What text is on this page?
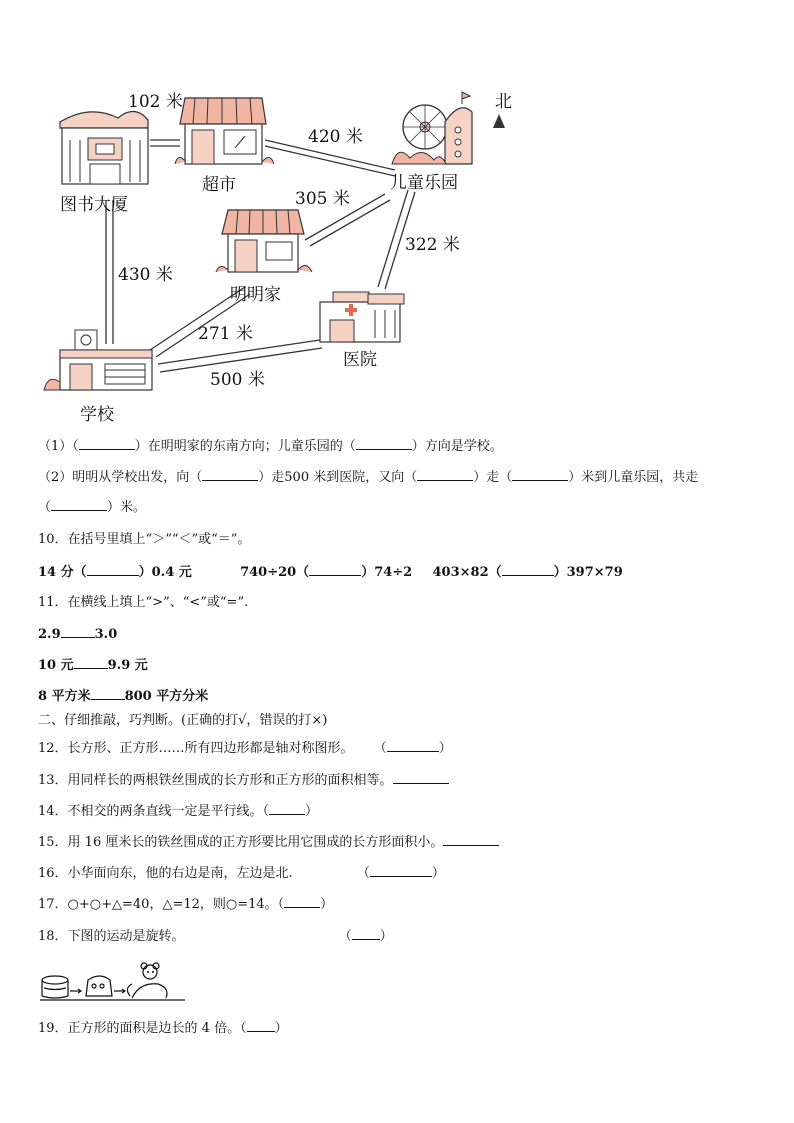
102 米
420 米
北
图书大厦
超市	儿童乐园
305 米
322 米
430 米
明明家
271 米
医院
500 米
学校
（1）（	）在明明家的东南方向；儿童乐园的（	）方向是学校。
（2）明明从学校出发，向（	）走500 米到医院，又向（	）走（	）米到儿童乐园，共走
（	）米。
10．在括号里填上“＞”“＜”或“＝”。
14 分（	）0.4 元	740÷20（	）74÷2 403×82（	）397×79
11．在横线上填上“>”、“<”或“=”.
2.9	3.0
10 元	9.9 元
8 平方米	800 平方分米
二、仔细推敲，巧判断。(正确的打√，错误的打×)
12．长方形、正方形……所有四边形都是轴对称图形。 （	）
13．用同样长的两根铁丝围成的长方形和正方形的面积相等。
14．不相交的两条直线一定是平行线。（	）
15．用 16 厘米长的铁丝围成的正方形要比用它围成的长方形面积小。
16．小华面向东，他的右边是南，左边是北.	（	）
17．○+○+△=40，△=12，则○=14。（	）
18．下图的运动是旋转。	（ ）
19．正方形的面积是边长的 4 倍。（ ）
